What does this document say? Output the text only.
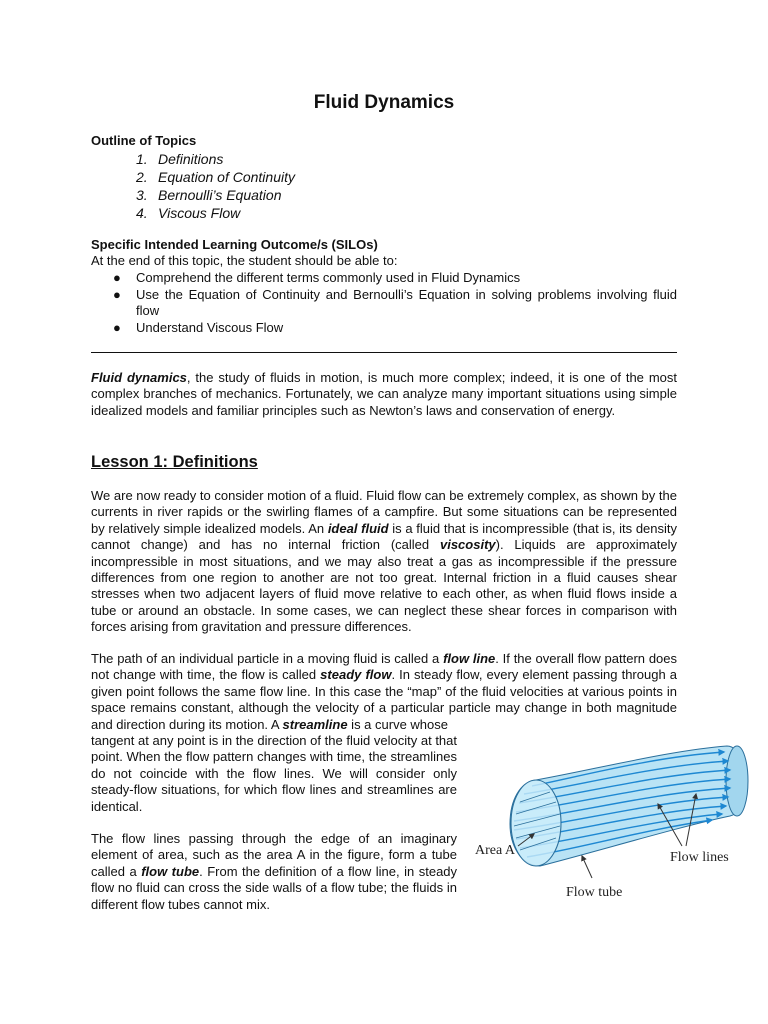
Fluid Dynamics

Outline of Topics

1. Definitions
2. Equation of Continuity
3. Bernoulli’s Equation
4. Viscous Flow

Specific Intended Learning Outcome/s (SILOs)

At the end of this topic, the student should be able to:

● Comprehend the different terms commonly used in Fluid Dynamics
● Use the Equation of Continuity and Bernoulli’s Equation in solving problems involving fluid flow
● Understand Viscous Flow

Fluid dynamics, the study of fluids in motion, is much more complex; indeed, it is one of the most complex branches of mechanics. Fortunately, we can analyze many important situations using simple idealized models and familiar principles such as Newton’s laws and conservation of energy.

Lesson 1: Definitions

We are now ready to consider motion of a fluid. Fluid flow can be extremely complex, as shown by the currents in river rapids or the swirling flames of a campfire. But some situations can be represented by relatively simple idealized models. An ideal fluid is a fluid that is incompressible (that is, its density cannot change) and has no internal friction (called viscosity). Liquids are approximately incompressible in most situations, and we may also treat a gas as incompressible if the pressure differences from one region to another are not too great. Internal friction in a fluid causes shear stresses when two adjacent layers of fluid move relative to each other, as when fluid flows inside a tube or around an obstacle. In some cases, we can neglect these shear forces in comparison with forces arising from gravitation and pressure differences.

The path of an individual particle in a moving fluid is called a flow line. If the overall flow pattern does not change with time, the flow is called steady flow. In steady flow, every element passing through a given point follows the same flow line. In this case the “map” of the fluid velocities at various points in space remains constant, although the velocity of a particular particle may change in both magnitude and direction during its motion. A streamline is a curve whose

tangent at any point is in the direction of the fluid velocity at that point. When the flow pattern changes with time, the streamlines do not coincide with the flow lines. We will consider only steady-flow situations, for which flow lines and streamlines are identical.

The flow lines passing through the edge of an imaginary element of area, such as the area A in the figure, form a tube called a flow tube. From the definition of a flow line, in steady flow no fluid can cross the side walls of a flow tube; the fluids in different flow tubes cannot mix.

Area A	Flow lines
Flow tube
